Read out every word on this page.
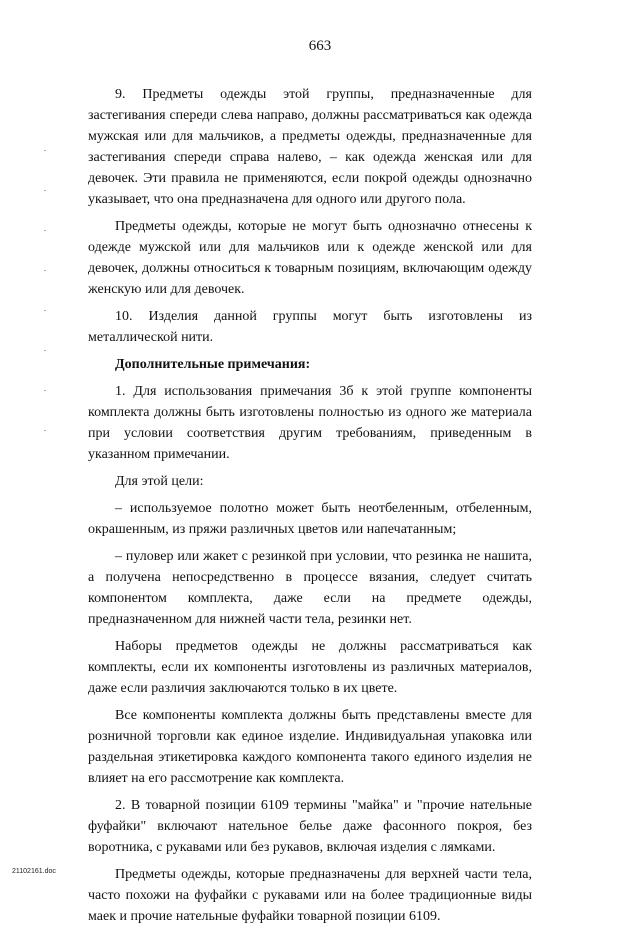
663

9. Предметы одежды этой группы, предназначенные для застегивания спереди слева направо, должны рассматриваться как одежда мужская или для мальчиков, а предметы одежды, предназначенные для застегивания спереди справа налево, – как одежда женская или для девочек. Эти правила не применяются, если покрой одежды однозначно указывает, что она предназначена для одного или другого пола.

Предметы одежды, которые не могут быть однозначно отнесены к одежде мужской или для мальчиков или к одежде женской или для девочек, должны относиться к товарным позициям, включающим одежду женскую или для девочек.

10. Изделия данной группы могут быть изготовлены из металлической нити.

Дополнительные примечания:

1. Для использования примечания 3б к этой группе компоненты комплекта должны быть изготовлены полностью из одного же материала при условии соответствия другим требованиям, приведенным в указанном примечании.

Для этой цели:

– используемое полотно может быть неотбеленным, отбеленным, окрашенным, из пряжи различных цветов или напечатанным;

– пуловер или жакет с резинкой при условии, что резинка не нашита, а получена непосредственно в процессе вязания, следует считать компонентом комплекта, даже если на предмете одежды, предназначенном для нижней части тела, резинки нет.

Наборы предметов одежды не должны рассматриваться как комплекты, если их компоненты изготовлены из различных материалов, даже если различия заключаются только в их цвете.

Все компоненты комплекта должны быть представлены вместе для розничной торговли как единое изделие. Индивидуальная упаковка или раздельная этикетировка каждого компонента такого единого изделия не влияет на его рассмотрение как комплекта.

2. В товарной позиции 6109 термины "майка" и "прочие нательные фуфайки" включают нательное белье даже фасонного покроя, без воротника, с рукавами или без рукавов, включая изделия с лямками.

Предметы одежды, которые предназначены для верхней части тела, часто похожи на фуфайки с рукавами или на более традиционные виды маек и прочие нательные фуфайки товарной позиции 6109.

21102161.doc
